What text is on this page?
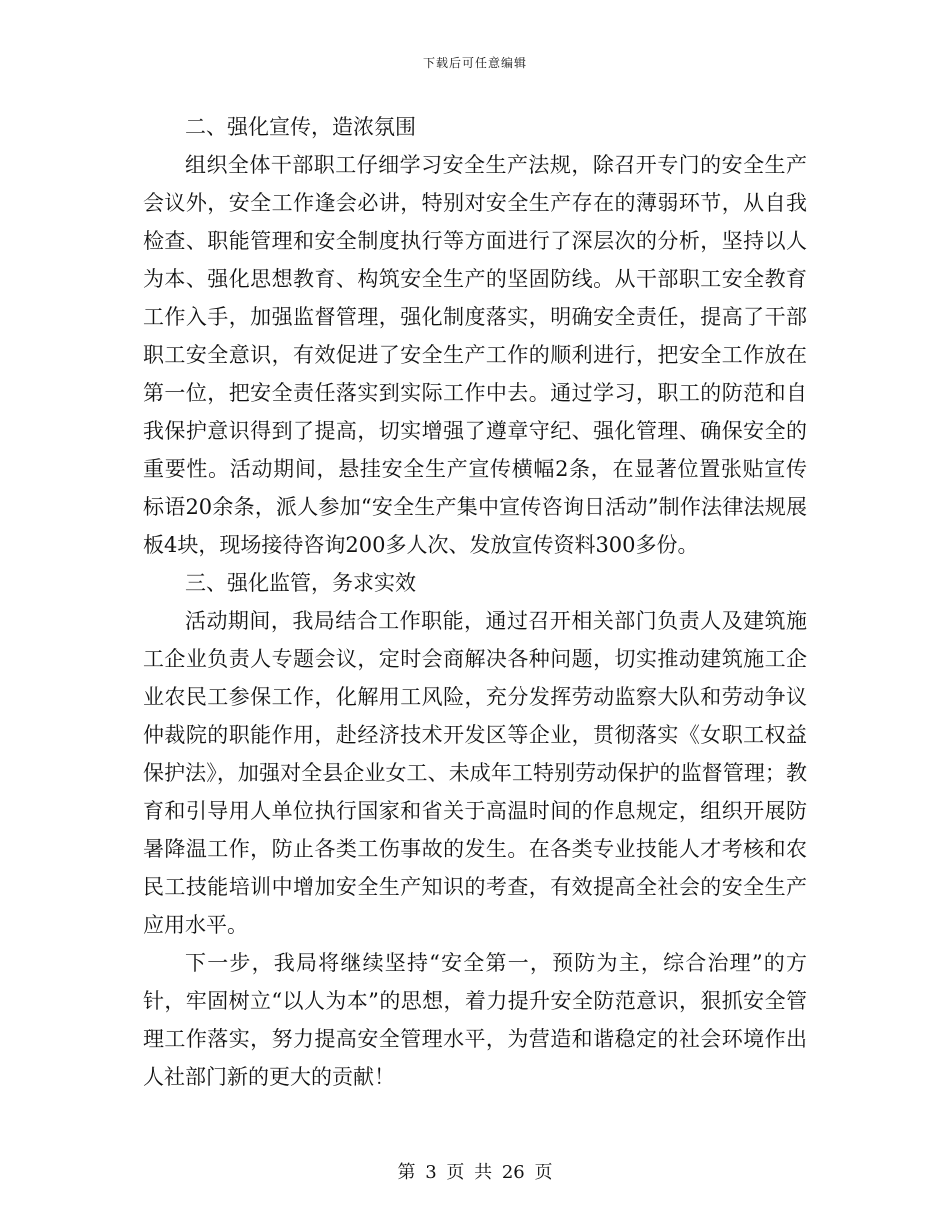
下载后可任意编辑

二、强化宣传，造浓氛围

组织全体干部职工仔细学习安全生产法规，除召开专门的安全生产会议外，安全工作逢会必讲，特别对安全生产存在的薄弱环节，从自我检查、职能管理和安全制度执行等方面进行了深层次的分析，坚持以人为本、强化思想教育、构筑安全生产的坚固防线。从干部职工安全教育工作入手，加强监督管理，强化制度落实，明确安全责任，提高了干部职工安全意识，有效促进了安全生产工作的顺利进行，把安全工作放在第一位，把安全责任落实到实际工作中去。通过学习，职工的防范和自我保护意识得到了提高，切实增强了遵章守纪、强化管理、确保安全的重要性。活动期间，悬挂安全生产宣传横幅2条，在显著位置张贴宣传标语20余条，派人参加“安全生产集中宣传咨询日活动”制作法律法规展板4块，现场接待咨询200多人次、发放宣传资料300多份。

三、强化监管，务求实效

活动期间，我局结合工作职能，通过召开相关部门负责人及建筑施工企业负责人专题会议，定时会商解决各种问题，切实推动建筑施工企业农民工参保工作，化解用工风险，充分发挥劳动监察大队和劳动争议仲裁院的职能作用，赴经济技术开发区等企业，贯彻落实《女职工权益保护法》，加强对全县企业女工、未成年工特别劳动保护的监督管理；教育和引导用人单位执行国家和省关于高温时间的作息规定，组织开展防暑降温工作，防止各类工伤事故的发生。在各类专业技能人才考核和农民工技能培训中增加安全生产知识的考查，有效提高全社会的安全生产应用水平。

下一步，我局将继续坚持“安全第一，预防为主，综合治理”的方针，牢固树立“以人为本”的思想，着力提升安全防范意识，狠抓安全管理工作落实，努力提高安全管理水平，为营造和谐稳定的社会环境作出人社部门新的更大的贡献！

第 3 页 共 26 页
